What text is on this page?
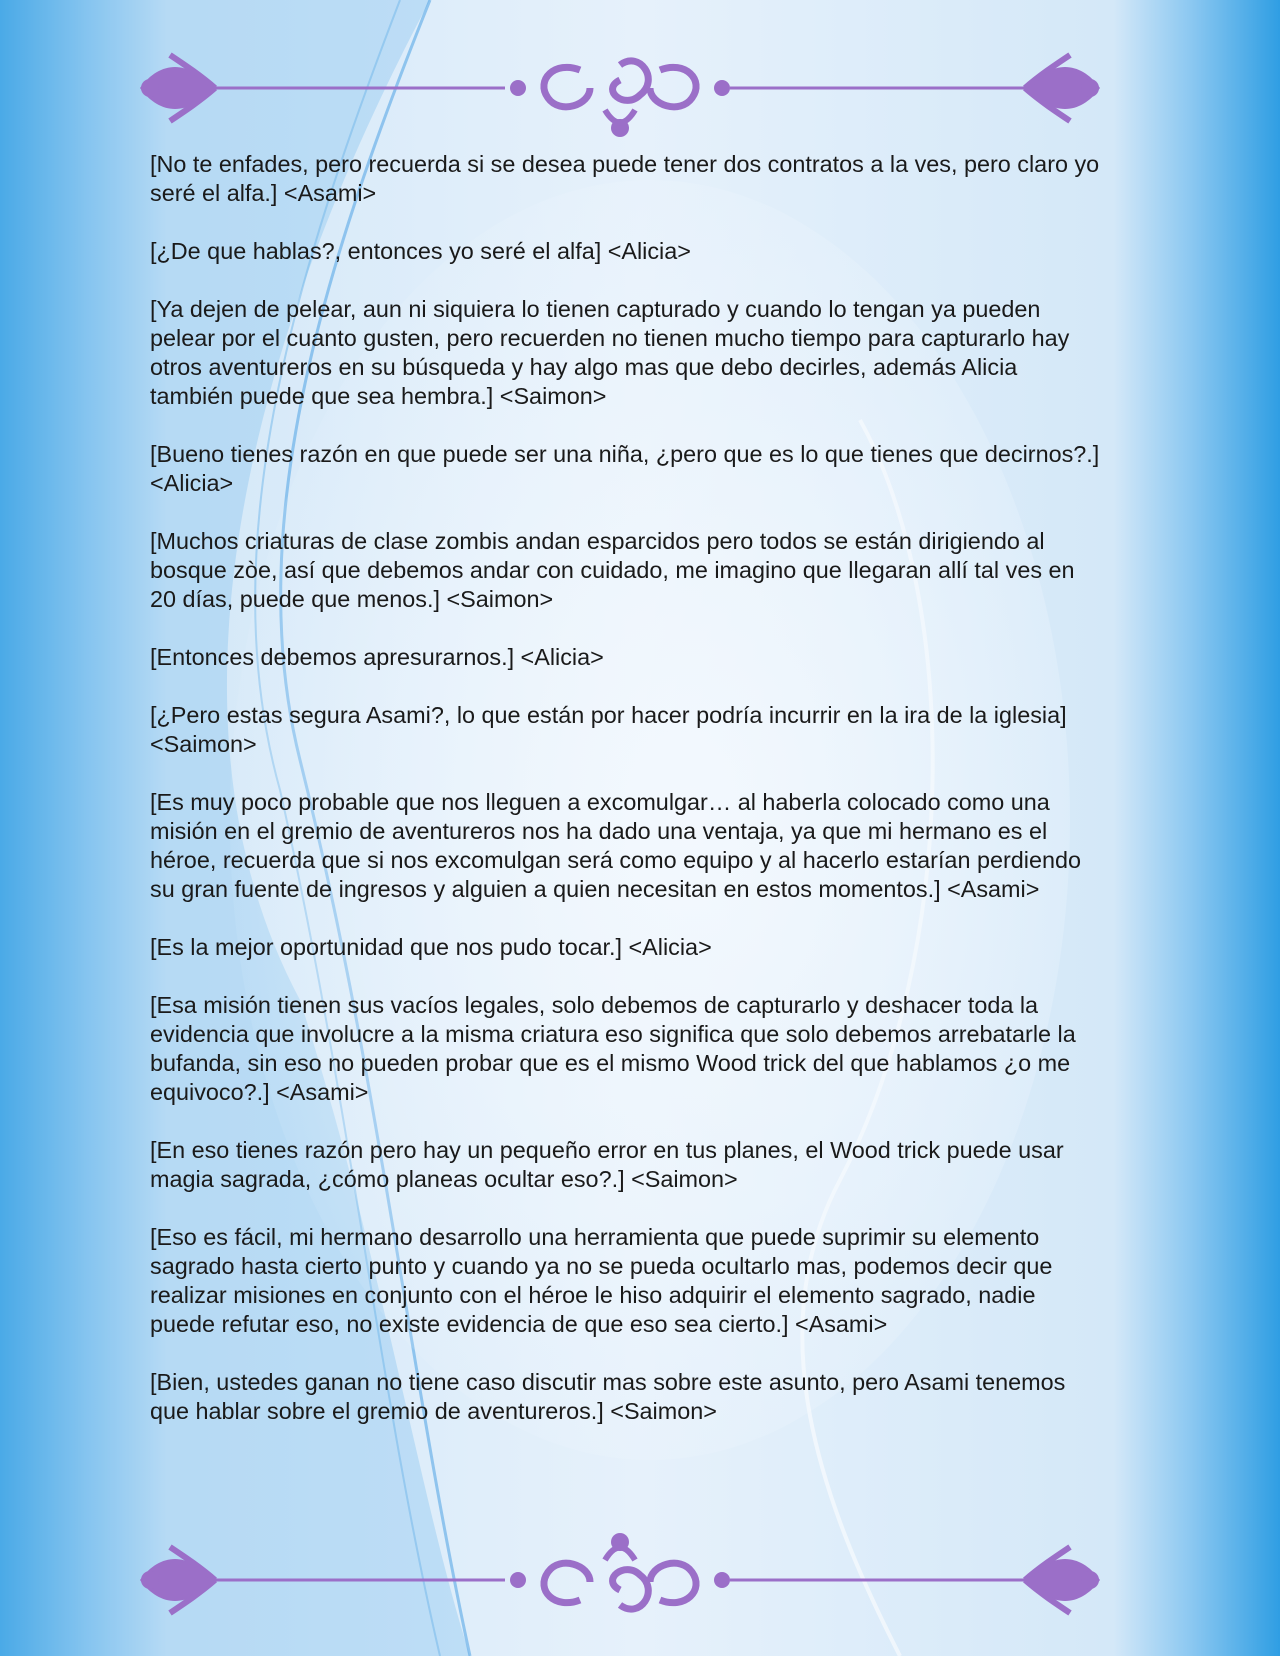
[No te enfades, pero recuerda si se desea puede tener dos contratos a la ves, pero claro yo seré el alfa.] <Asami>

[¿De que hablas?, entonces yo seré el alfa] <Alicia>

[Ya dejen de pelear, aun ni siquiera lo tienen capturado y cuando lo tengan ya pueden pelear por el cuanto gusten, pero recuerden no tienen mucho tiempo para capturarlo hay otros aventureros en su búsqueda y hay algo mas que debo decirles, además Alicia también puede que sea hembra.] <Saimon>

[Bueno tienes razón en que puede ser una niña, ¿pero que es lo que tienes que decirnos?.] <Alicia>

[Muchos criaturas de clase zombis andan esparcidos pero todos se están dirigiendo al bosque zòe, así que debemos andar con cuidado, me imagino que llegaran allí tal ves en 20 días, puede que menos.] <Saimon>

[Entonces debemos apresurarnos.] <Alicia>

[¿Pero estas segura Asami?, lo que están por hacer podría incurrir en la ira de la iglesia] <Saimon>

[Es muy poco probable que nos lleguen a excomulgar… al haberla colocado como una misión en el gremio de aventureros nos ha dado una ventaja, ya que mi hermano es el héroe, recuerda que si nos excomulgan será como equipo y al hacerlo estarían perdiendo su gran fuente de ingresos y alguien a quien necesitan en estos momentos.] <Asami>

[Es la mejor oportunidad que nos pudo tocar.] <Alicia>

[Esa misión tienen sus vacíos legales, solo debemos de capturarlo y deshacer toda la evidencia que involucre a la misma criatura eso significa que solo debemos arrebatarle la bufanda, sin eso no pueden probar que es el mismo Wood trick del que hablamos ¿o me equivoco?.] <Asami>

[En eso tienes razón pero hay un pequeño error en tus planes, el Wood trick puede usar magia sagrada, ¿cómo planeas ocultar eso?.] <Saimon>

[Eso es fácil, mi hermano desarrollo una herramienta que puede suprimir su elemento sagrado hasta cierto punto y cuando ya no se pueda ocultarlo mas, podemos decir que realizar misiones en conjunto con el héroe le hiso adquirir el elemento sagrado, nadie puede refutar eso, no existe evidencia de que eso sea cierto.] <Asami>

[Bien, ustedes ganan no tiene caso discutir mas sobre este asunto, pero Asami tenemos que hablar sobre el gremio de aventureros.] <Saimon>
